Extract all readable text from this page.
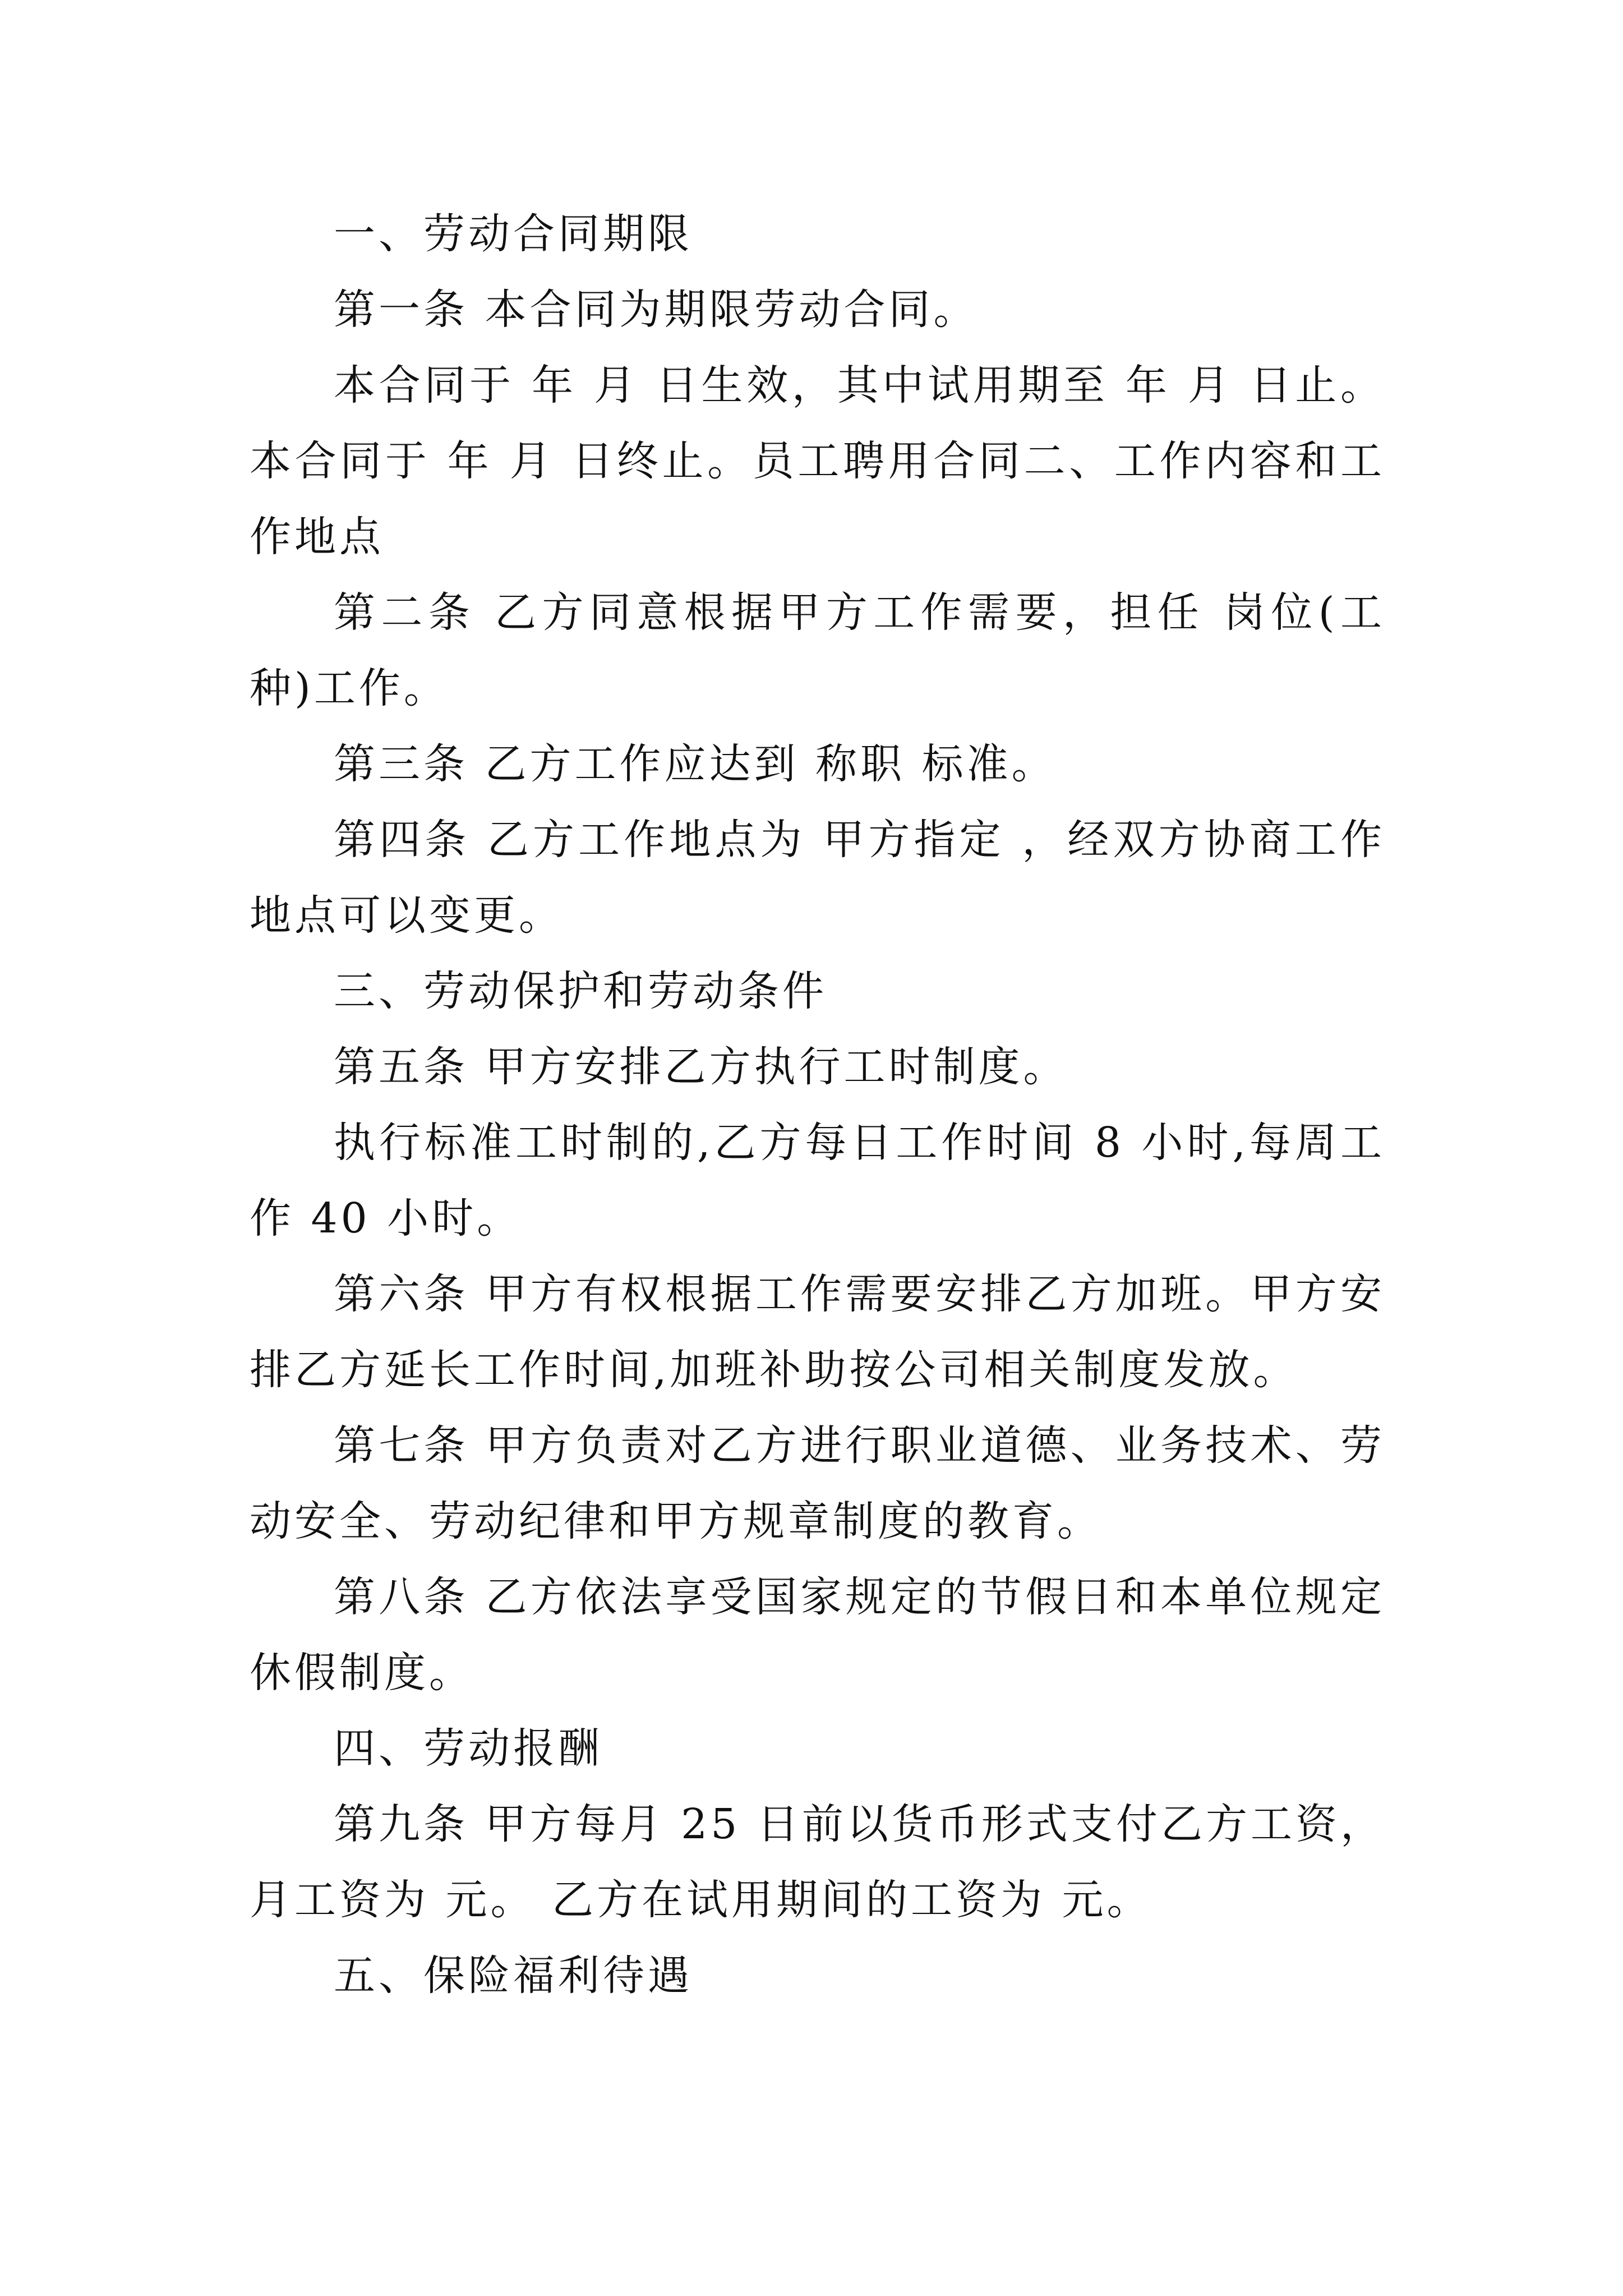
一、劳动合同期限

第一条 本合同为期限劳动合同。

本合同于 年 月 日生效，其中试用期至 年 月 日止。本合同于 年 月 日终止。员工聘用合同二、工作内容和工作地点

第二条 乙方同意根据甲方工作需要，担任 岗位(工种)工作。

第三条 乙方工作应达到 称职 标准。

第四条 乙方工作地点为 甲方指定 ，经双方协商工作地点可以变更。

三、劳动保护和劳动条件

第五条 甲方安排乙方执行工时制度。

执行标准工时制的,乙方每日工作时间 8 小时,每周工作 40 小时。

第六条 甲方有权根据工作需要安排乙方加班。甲方安排乙方延长工作时间,加班补助按公司相关制度发放。

第七条 甲方负责对乙方进行职业道德、业务技术、劳动安全、劳动纪律和甲方规章制度的教育。

第八条 乙方依法享受国家规定的节假日和本单位规定休假制度。

四、劳动报酬

第九条 甲方每月 25 日前以货币形式支付乙方工资，月工资为 元。 乙方在试用期间的工资为 元。

五、保险福利待遇
